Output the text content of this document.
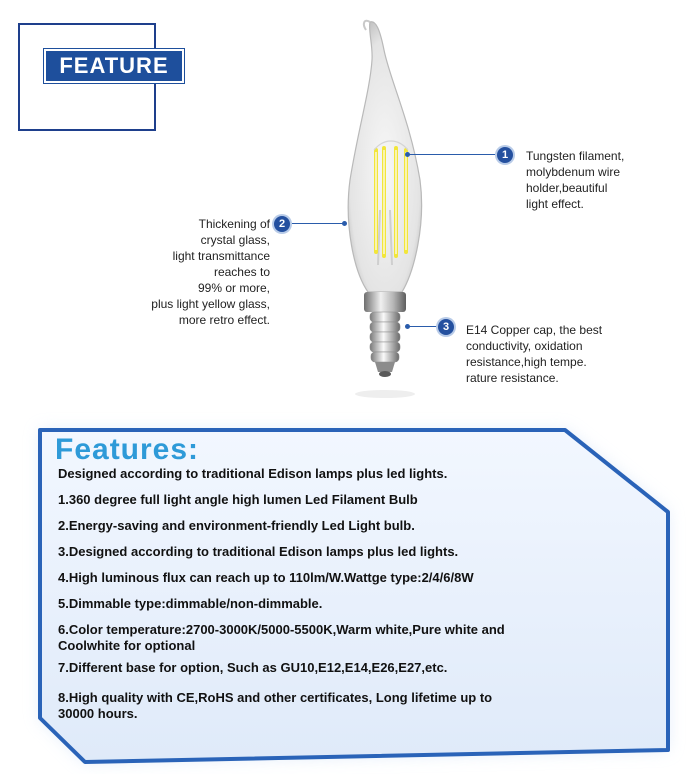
FEATURE
1	Tungsten filament,
molybdenum wire
holder,beautiful
light effect.
2
Thickening of
crystal glass,
light transmittance
reaches to
99% or more,
plus light yellow glass,
more retro effect.	3	E14 Copper cap, the best
conductivity, oxidation
resistance,high tempe.
rature resistance.
Features:
Designed according to traditional Edison lamps plus led lights.
1.360 degree full light angle high lumen Led Filament Bulb
2.Energy-saving and environment-friendly Led Light bulb.
3.Designed according to traditional Edison lamps plus led lights.
4.High luminous flux can reach up to 110lm/W.Wattge type:2/4/6/8W
5.Dimmable type:dimmable/non-dimmable.
6.Color temperature:2700-3000K/5000-5500K,Warm white,Pure white and Coolwhite for optional
7.Different base for option, Such as GU10,E12,E14,E26,E27,etc.
8.High quality with CE,RoHS and other certificates, Long lifetime up to 30000 hours.
